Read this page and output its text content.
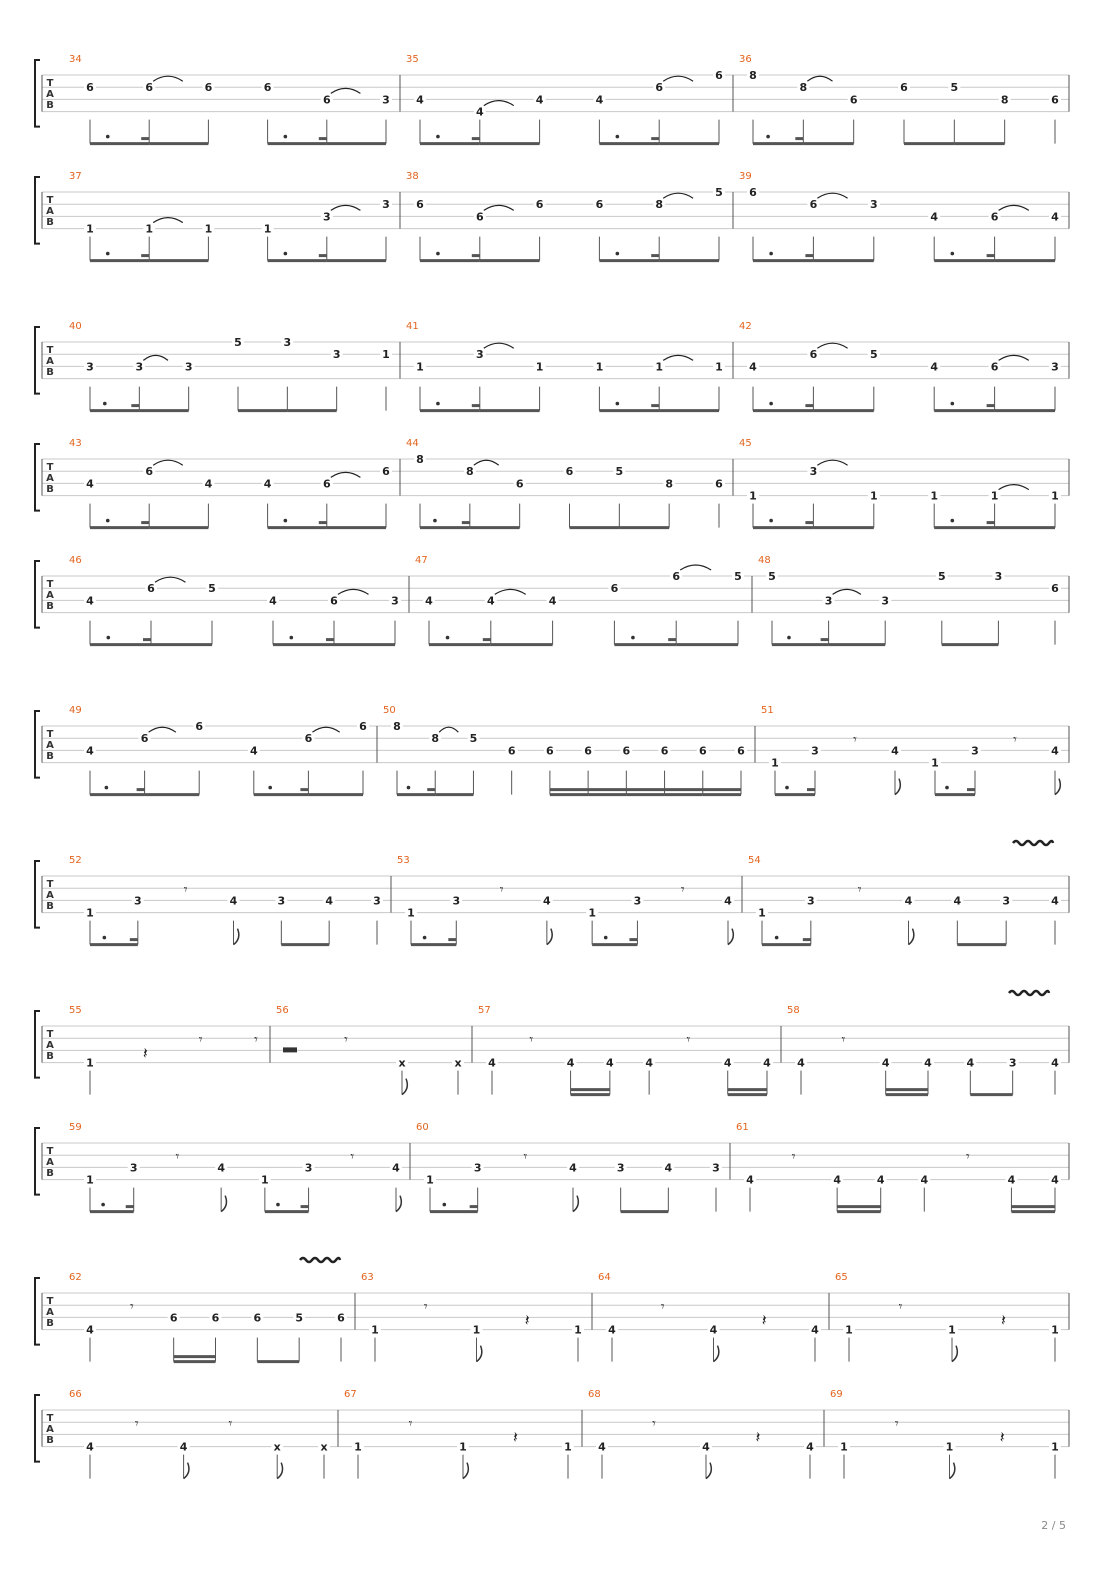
T
A
B
34
6	6	6	6
6	3
35
4
4
4	4
6
6
36
8
8
6
6	5
8	6
T
A
B
37
1	1	1	1
3
3
38
6
6
6	6	8
5
39
6
6	3
4	6	4
T
A
B
40
3	3	3
5	3
3	1
41
1
3
1	1	1	1
42
4
6	5
4	6	3
T
A
B
43
4
6
4	4	6
6
44
8
8
6
6	5
8	6
45
1
3
1	1	1	1
T
A
B
46
4
6	5
4	6	3
47
4	4	4
6
6	5
48
5
3	3
5	3
6
T
A
B
49
4
6
6
4
6
6
50
8
8	5
6	6	6	6	6	6	6
51
1
3
𝄾
4
1
3
𝄾
4
T
A
B
52
1
3
𝄾
4	3	4	3
53
1
3
𝄾
4
1
3
𝄾
4
54
1
3
𝄾
4	4	3	4
T
A
B
55
1
𝄽
𝄾	𝄾
56
𝄾
x	x
57
4
𝄾
4	4	4
𝄾
4	4
58
4
𝄾
4	4	4	3	4
T
A
B
59
1
3
𝄾
4
1
3
𝄾
4
60
1
3
𝄾
4	3	4	3
61
4
𝄾
4	4	4
𝄾
4	4
T
A
B
62
4
𝄾
6	6	6	5	6
63
1
𝄾
1
𝄽
1
64
4
𝄾
4
𝄽
4
65
1
𝄾
1
𝄽
1
T
A
B
66
4
𝄾
4
𝄾
x	x
67
1
𝄾
1
𝄽
1
68
4
𝄾
4
𝄽
4
69
1
𝄾
1
𝄽
1
2 / 5
